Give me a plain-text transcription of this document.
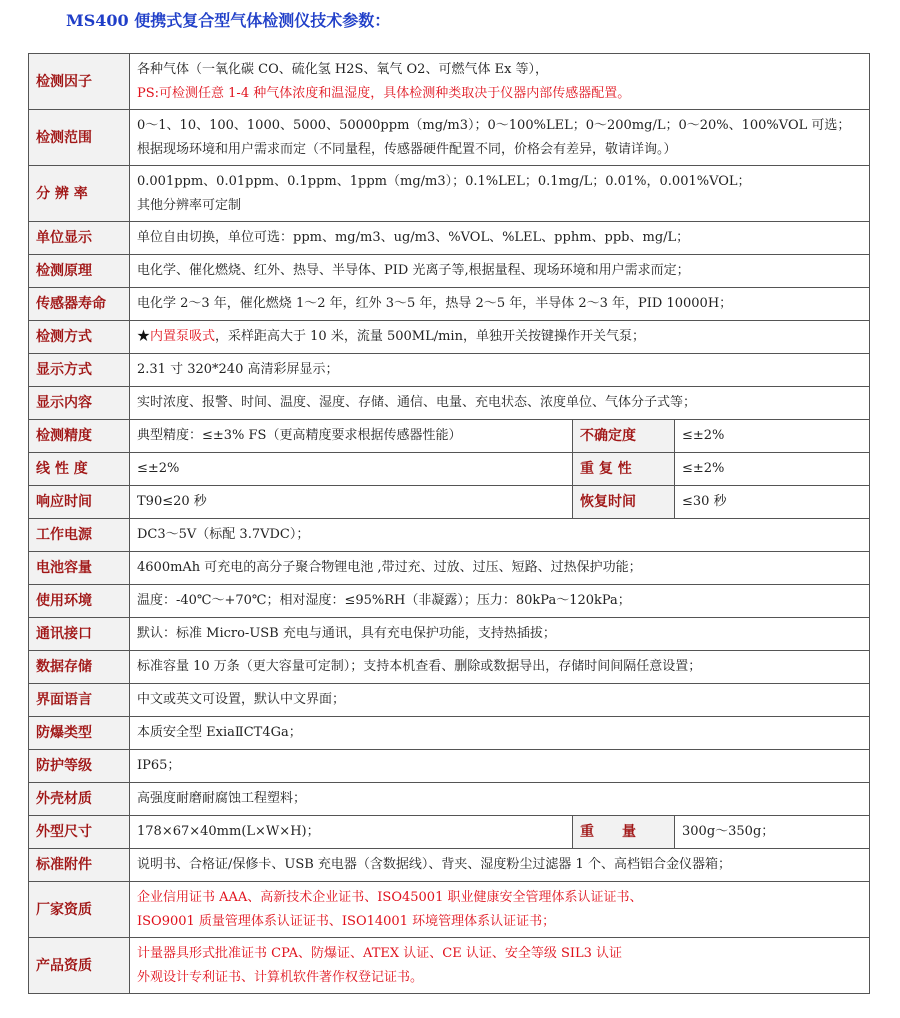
MS400 便携式复合型气体检测仪技术参数：
检测因子	各种气体（一氧化碳 CO、硫化氢 H2S、氧气 O2、可燃气体 Ex 等），
PS:可检测任意 1-4 种气体浓度和温湿度，具体检测种类取决于仪器内部传感器配置。		

检测范围	0～1、10、100、1000、5000、50000ppm（mg/m3）；0～100%LEL；0～200mg/L；0～20%、100%VOL 可选；
根据现场环境和用户需求而定（不同量程，传感器硬件配置不同，价格会有差异，敬请详询。）		

分 辨 率	0.001ppm、0.01ppm、0.1ppm、1ppm（mg/m3）；0.1%LEL；0.1mg/L；0.01%，0.001%VOL；
其他分辨率可定制		

单位显示	单位自由切换，单位可选：ppm、mg/m3、ug/m3、%VOL、%LEL、pphm、ppb、mg/L；		
检测原理	电化学、催化燃烧、红外、热导、半导体、PID 光离子等,根据量程、现场环境和用户需求而定；		
传感器寿命	电化学 2～3 年，催化燃烧 1～2 年，红外 3～5 年，热导 2～5 年，半导体 2～3 年，PID 10000H；		
检测方式	★内置泵吸式，采样距高大于 10 米，流量 500ML/min，单独开关按键操作开关气泵；		
显示方式	2.31 寸 320*240 高清彩屏显示；		
显示内容	实时浓度、报警、时间、温度、湿度、存储、通信、电量、充电状态、浓度单位、气体分子式等；		
检测精度	典型精度：≤±3% FS（更高精度要求根据传感器性能）	不确定度	≤±2%
线 性 度	≤±2%	重 复 性	≤±2%
响应时间	T90≤20 秒	恢复时间	≤30 秒
工作电源	DC3～5V（标配 3.7VDC）；		
电池容量	4600mAh 可充电的高分子聚合物锂电池 ,带过充、过放、过压、短路、过热保护功能；		
使用环境	温度：-40℃～+70℃；相对湿度：≤95%RH（非凝露）；压力：80kPa～120kPa；		
通讯接口	默认：标准 Micro-USB 充电与通讯，具有充电保护功能，支持热插拔；		
数据存储	标准容量 10 万条（更大容量可定制）；支持本机查看、删除或数据导出，存储时间间隔任意设置；		
界面语言	中文或英文可设置，默认中文界面；		
防爆类型	本质安全型 ExiaⅡCT4Ga；		
防护等级	IP65；		
外壳材质	高强度耐磨耐腐蚀工程塑料；		
外型尺寸	178×67×40mm(L×W×H)；	重　　量	300g～350g；
标准附件	说明书、合格证/保修卡、USB 充电器（含数据线）、背夹、湿度粉尘过滤器 1 个、高档铝合金仪器箱；		
厂家资质	企业信用证书 AAA、高新技术企业证书、ISO45001 职业健康安全管理体系认证证书、
ISO9001 质量管理体系认证证书、ISO14001 环境管理体系认证证书；		

产品资质	计量器具形式批准证书 CPA、防爆证、ATEX 认证、CE 认证、安全等级 SIL3 认证
外观设计专利证书、计算机软件著作权登记证书。		
